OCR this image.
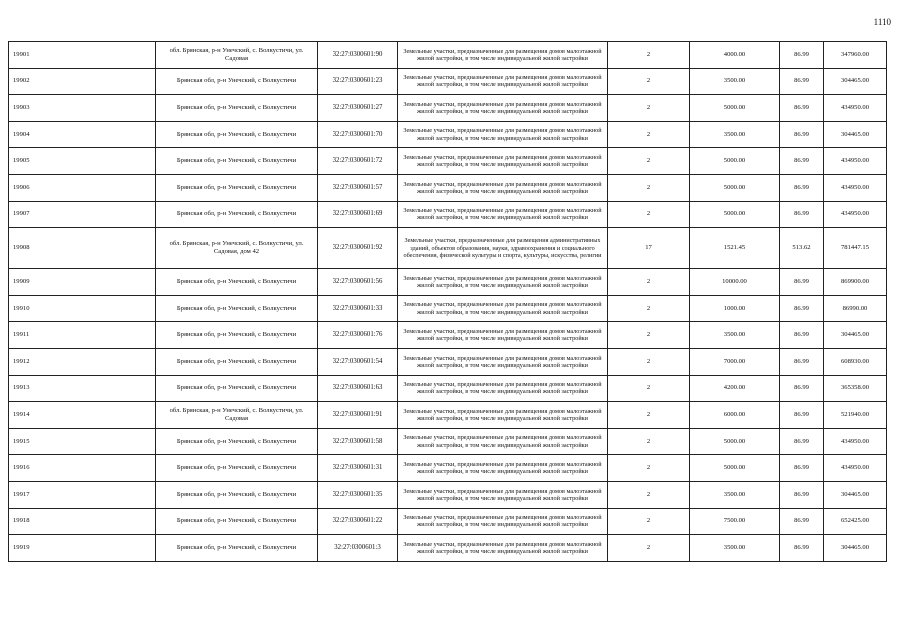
1110
19901	обл. Брянская, р-н Унечский, с. Волкустичи, ул. Садовая	32:27:0300601:90	Земельные участки, предназначенные для размещения домов малоэтажной жилой застройки, в том числе индивидуальной жилой застройки	2	4000.00	86.99	347960.00
19902	Брянская обл, р-н Унечский, с Волкустичи	32:27:0300601:23	Земельные участки, предназначенные для размещения домов малоэтажной жилой застройки, в том числе индивидуальной жилой застройки	2	3500.00	86.99	304465.00
19903	Брянская обл, р-н Унечский, с Волкустичи	32:27:0300601:27	Земельные участки, предназначенные для размещения домов малоэтажной жилой застройки, в том числе индивидуальной жилой застройки	2	5000.00	86.99	434950.00
19904	Брянская обл, р-н Унечский, с Волкустичи	32:27:0300601:70	Земельные участки, предназначенные для размещения домов малоэтажной жилой застройки, в том числе индивидуальной жилой застройки	2	3500.00	86.99	304465.00
19905	Брянская обл, р-н Унечский, с Волкустичи	32:27:0300601:72	Земельные участки, предназначенные для размещения домов малоэтажной жилой застройки, в том числе индивидуальной жилой застройки	2	5000.00	86.99	434950.00
19906	Брянская обл, р-н Унечский, с Волкустичи	32:27:0300601:57	Земельные участки, предназначенные для размещения домов малоэтажной жилой застройки, в том числе индивидуальной жилой застройки	2	5000.00	86.99	434950.00
19907	Брянская обл, р-н Унечский, с Волкустичи	32:27:0300601:69	Земельные участки, предназначенные для размещения домов малоэтажной жилой застройки, в том числе индивидуальной жилой застройки	2	5000.00	86.99	434950.00
19908	обл. Брянская, р-н Унечский, с. Волкустичи, ул. Садовая, дом 42	32:27:0300601:92	Земельные участки, предназначенные для размещения административных зданий, объектов образования, науки, здравоохранения и социального обеспечения, физической культуры и спорта, культуры, искусства, религии	17	1521.45	513.62	781447.15
19909	Брянская обл, р-н Унечский, с Волкустичи	32:27:0300601:56	Земельные участки, предназначенные для размещения домов малоэтажной жилой застройки, в том числе индивидуальной жилой застройки	2	10000.00	86.99	869900.00
19910	Брянская обл, р-н Унечский, с Волкустичи	32:27:0300601:33	Земельные участки, предназначенные для размещения домов малоэтажной жилой застройки, в том числе индивидуальной жилой застройки	2	1000.00	86.99	86990.00
19911	Брянская обл, р-н Унечский, с Волкустичи	32:27:0300601:76	Земельные участки, предназначенные для размещения домов малоэтажной жилой застройки, в том числе индивидуальной жилой застройки	2	3500.00	86.99	304465.00
19912	Брянская обл, р-н Унечский, с Волкустичи	32:27:0300601:54	Земельные участки, предназначенные для размещения домов малоэтажной жилой застройки, в том числе индивидуальной жилой застройки	2	7000.00	86.99	608930.00
19913	Брянская обл, р-н Унечский, с Волкустичи	32:27:0300601:63	Земельные участки, предназначенные для размещения домов малоэтажной жилой застройки, в том числе индивидуальной жилой застройки	2	4200.00	86.99	365358.00
19914	обл. Брянская, р-н Унечский, с. Волкустичи, ул. Садовая	32:27:0300601:91	Земельные участки, предназначенные для размещения домов малоэтажной жилой застройки, в том числе индивидуальной жилой застройки	2	6000.00	86.99	521940.00
19915	Брянская обл, р-н Унечский, с Волкустичи	32:27:0300601:58	Земельные участки, предназначенные для размещения домов малоэтажной жилой застройки, в том числе индивидуальной жилой застройки	2	5000.00	86.99	434950.00
19916	Брянская обл, р-н Унечский, с Волкустичи	32:27:0300601:31	Земельные участки, предназначенные для размещения домов малоэтажной жилой застройки, в том числе индивидуальной жилой застройки	2	5000.00	86.99	434950.00
19917	Брянская обл, р-н Унечский, с Волкустичи	32:27:0300601:35	Земельные участки, предназначенные для размещения домов малоэтажной жилой застройки, в том числе индивидуальной жилой застройки	2	3500.00	86.99	304465.00
19918	Брянская обл, р-н Унечский, с Волкустичи	32:27:0300601:22	Земельные участки, предназначенные для размещения домов малоэтажной жилой застройки, в том числе индивидуальной жилой застройки	2	7500.00	86.99	652425.00
19919	Брянская обл, р-н Унечский, с Волкустичи	32:27:0300601:3	Земельные участки, предназначенные для размещения домов малоэтажной жилой застройки, в том числе индивидуальной жилой застройки	2	3500.00	86.99	304465.00
